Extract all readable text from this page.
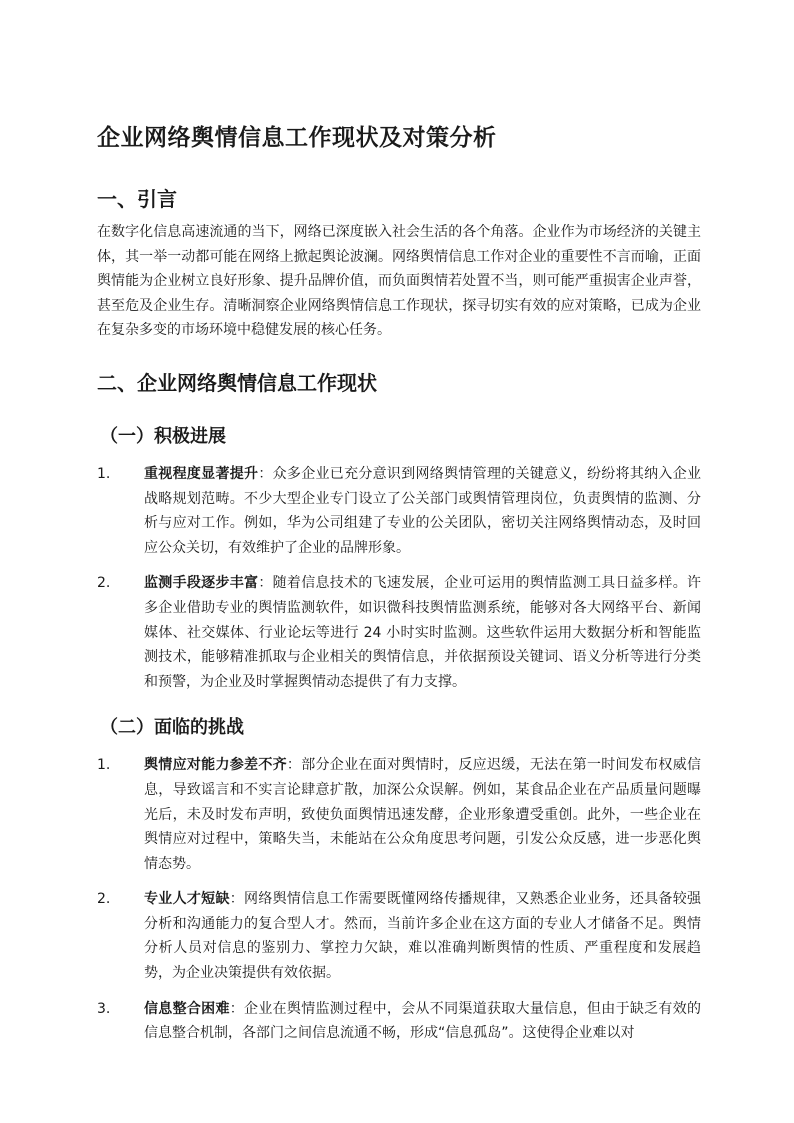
企业网络舆情信息工作现状及对策分析
一、引言

在数字化信息高速流通的当下，网络已深度嵌入社会生活的各个角落。企业作为市场经济的关键主体，其一举一动都可能在网络上掀起舆论波澜。网络舆情信息工作对企业的重要性不言而喻，正面舆情能为企业树立良好形象、提升品牌价值，而负面舆情若处置不当，则可能严重损害企业声誉，甚至危及企业生存。清晰洞察企业网络舆情信息工作现状，探寻切实有效的应对策略，已成为企业在复杂多变的市场环境中稳健发展的核心任务。

二、企业网络舆情信息工作现状
（一）积极进展
1. 重视程度显著提升：众多企业已充分意识到网络舆情管理的关键意义，纷纷将其纳入企业战略规划范畴。不少大型企业专门设立了公关部门或舆情管理岗位，负责舆情的监测、分析与应对工作。例如，华为公司组建了专业的公关团队，密切关注网络舆情动态，及时回应公众关切，有效维护了企业的品牌形象。
2. 监测手段逐步丰富：随着信息技术的飞速发展，企业可运用的舆情监测工具日益多样。许多企业借助专业的舆情监测软件，如识微科技舆情监测系统，能够对各大网络平台、新闻媒体、社交媒体、行业论坛等进行 24 小时实时监测。这些软件运用大数据分析和智能监测技术，能够精准抓取与企业相关的舆情信息，并依据预设关键词、语义分析等进行分类和预警，为企业及时掌握舆情动态提供了有力支撑。
（二）面临的挑战
1. 舆情应对能力参差不齐：部分企业在面对舆情时，反应迟缓，无法在第一时间发布权威信息，导致谣言和不实言论肆意扩散，加深公众误解。例如，某食品企业在产品质量问题曝光后，未及时发布声明，致使负面舆情迅速发酵，企业形象遭受重创。此外，一些企业在舆情应对过程中，策略失当，未能站在公众角度思考问题，引发公众反感，进一步恶化舆情态势。
2. 专业人才短缺：网络舆情信息工作需要既懂网络传播规律，又熟悉企业业务，还具备较强分析和沟通能力的复合型人才。然而，当前许多企业在这方面的专业人才储备不足。舆情分析人员对信息的鉴别力、掌控力欠缺，难以准确判断舆情的性质、严重程度和发展趋势，为企业决策提供有效依据。
3. 信息整合困难：企业在舆情监测过程中，会从不同渠道获取大量信息，但由于缺乏有效的信息整合机制，各部门之间信息流通不畅，形成“信息孤岛”。这使得企业难以对
